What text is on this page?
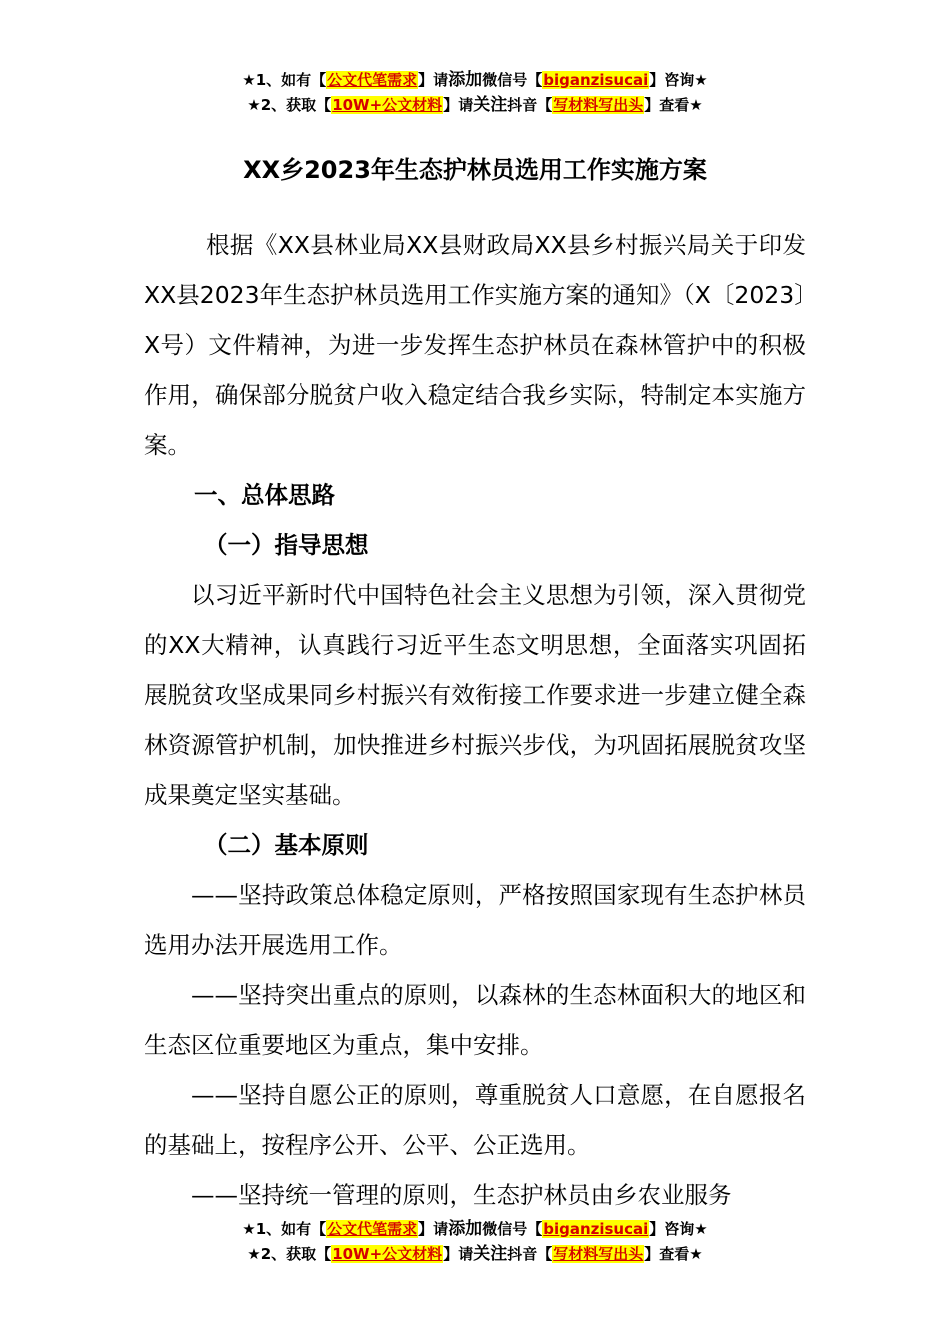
★1、如有【公文代笔需求】请添加微信号【biganzisucai】咨询★
★2、获取【10W+公文材料】请关注抖音【写材料写出头】查看★
XX乡2023年生态护林员选用工作实施方案

根据《XX县林业局XX县财政局XX县乡村振兴局关于印发XX县2023年生态护林员选用工作实施方案的通知》（X〔2023〕X号）文件精神，为进一步发挥生态护林员在森林管护中的积极作用，确保部分脱贫户收入稳定结合我乡实际，特制定本实施方案。

一、总体思路
（一）指导思想

以习近平新时代中国特色社会主义思想为引领，深入贯彻党的XX大精神，认真践行习近平生态文明思想，全面落实巩固拓展脱贫攻坚成果同乡村振兴有效衔接工作要求进一步建立健全森林资源管护机制，加快推进乡村振兴步伐，为巩固拓展脱贫攻坚成果奠定坚实基础。

（二）基本原则

——坚持政策总体稳定原则，严格按照国家现有生态护林员选用办法开展选用工作。

——坚持突出重点的原则，以森林的生态林面积大的地区和生态区位重要地区为重点，集中安排。

——坚持自愿公正的原则，尊重脱贫人口意愿，在自愿报名的基础上，按程序公开、公平、公正选用。

——坚持统一管理的原则，生态护林员由乡农业服务

★1、如有【公文代笔需求】请添加微信号【biganzisucai】咨询★
★2、获取【10W+公文材料】请关注抖音【写材料写出头】查看★
